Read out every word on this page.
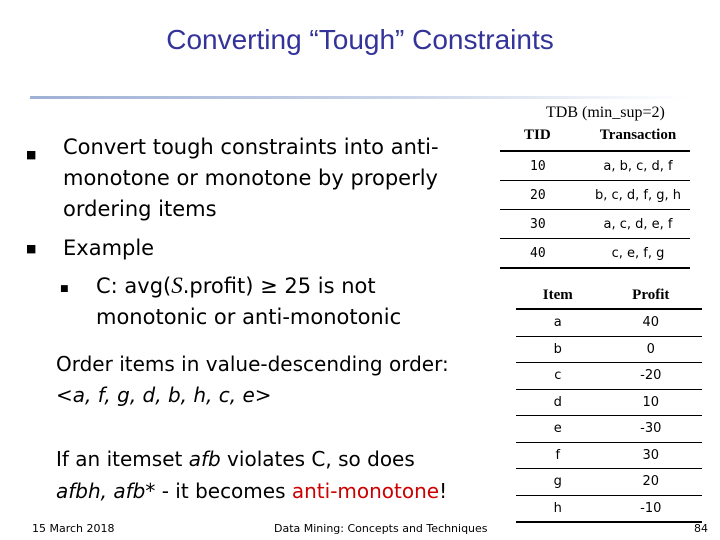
Converting “Tough” Constraints
TDB (min_sup=2)
■ Convert tough constraints into anti-monotone or monotone by properly ordering items
■ Example
■ C: avg(S.profit) ≥ 25 is not monotonic or anti-monotonic
Order items in value-descending order:
<a, f, g, d, b, h, c, e>
If an itemset afb violates C, so does
afbh, afb* - it becomes anti-monotone!
TID	Transaction
10	a, b, c, d, f
20	b, c, d, f, g, h
30	a, c, d, e, f
40	c, e, f, g
Item	Profit
a	40
b	0
c	-20
d	10
e	-30
f	30
g	20
h	-10
15 March 2018	Data Mining: Concepts and Techniques	84
